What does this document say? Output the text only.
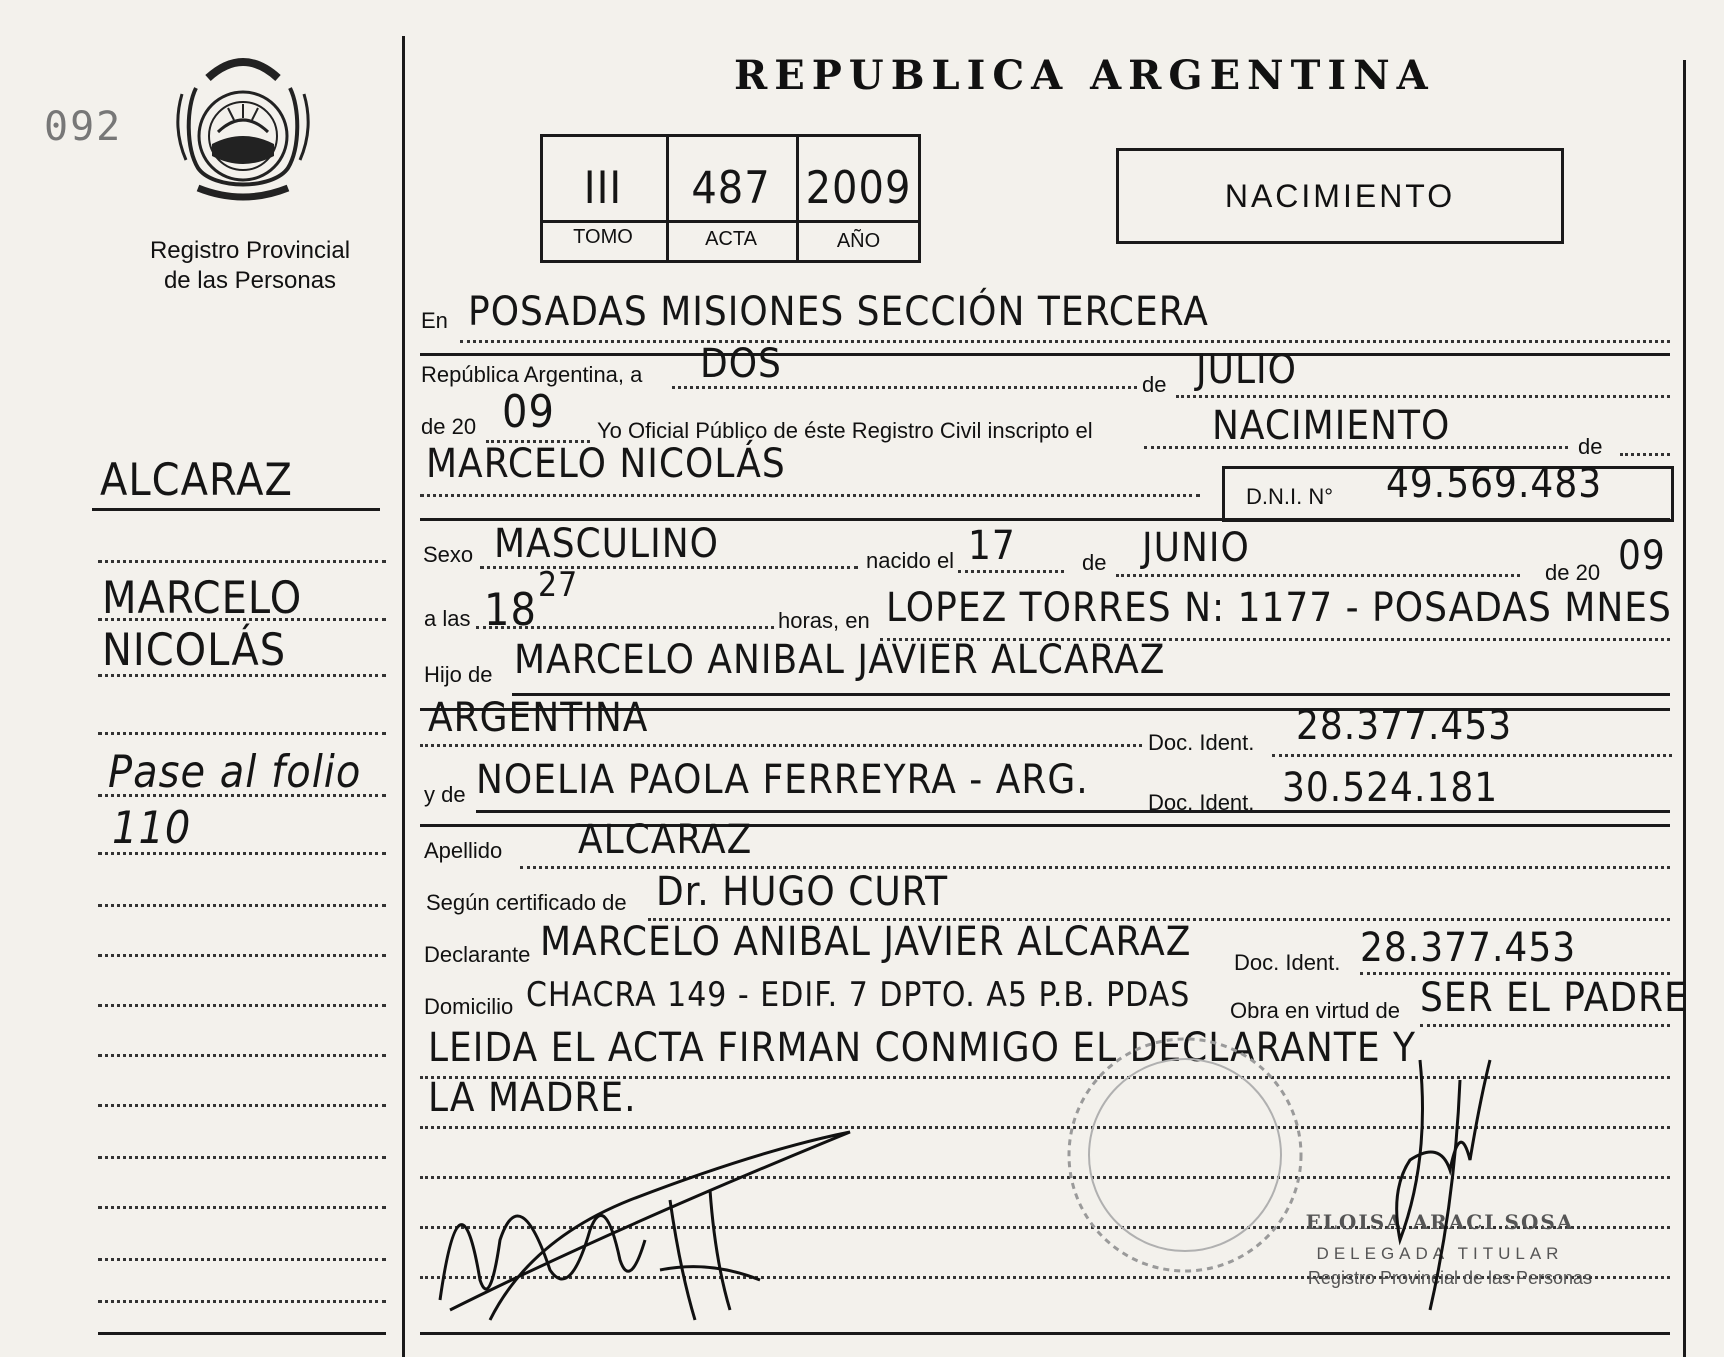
092
Registro Provincial
de las Personas
REPUBLICA ARGENTINA
III	487 2009
TOMO	ACTA	AÑO
NACIMIENTO
En POSADAS MISIONES SECCIÓN TERCERA
República Argentina, a DOS	de JULIO
de 20 09 Yo Oficial Público de éste Registro Civil inscripto el	NACIMIENTO	de
MARCELO NICOLÁS
D.N.I. N° 49.569.483
Sexo MASCULINO	nacido el 17	de JUNIO
de 20 09
a las 18 27
horas, en LOPEZ TORRES N: 1177 - POSADAS MNES
Hijo de MARCELO ANIBAL JAVIER ALCARAZ
ARGENTINA
Doc. Ident. 28.377.453
y de NOELIA PAOLA FERREYRA - ARG.	Doc. Ident. 30.524.181
Apellido ALCARAZ
Según certificado de Dr. HUGO CURT
Declarante MARCELO ANIBAL JAVIER ALCARAZ Doc. Ident. 28.377.453
Domicilio CHACRA 149 - EDIF. 7 DPTO. A5 P.B. PDAS Obra en virtud de SER EL PADRE
LEIDA EL ACTA FIRMAN CONMIGO EL DECLARANTE Y
LA MADRE.
ALCARAZ
MARCELO
NICOLÁS
Pase al folio
110
ELOISA ARACI SOSA
DELEGADA TITULAR
Registro Provincial de las Personas
